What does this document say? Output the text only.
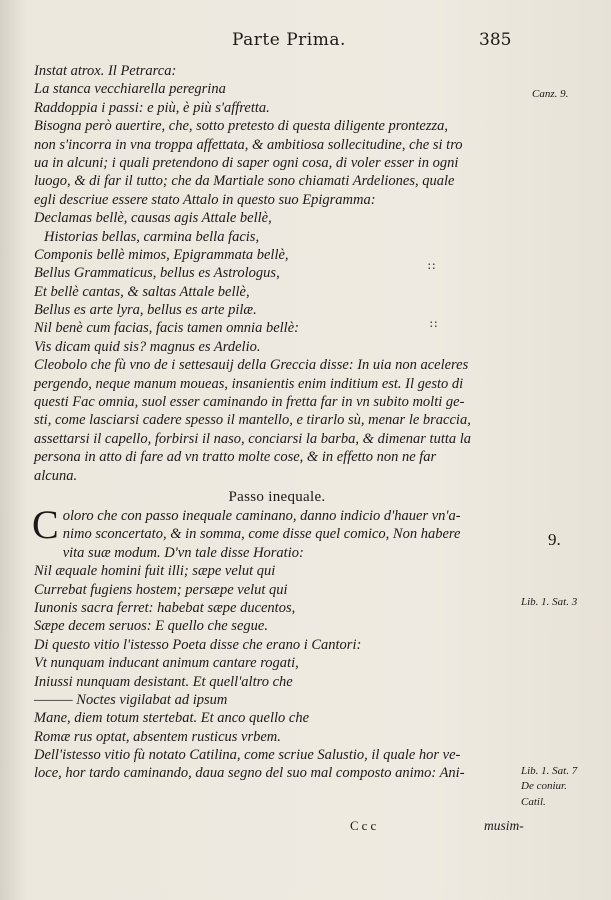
Parte Prima.	385
Instat atrox. Il Petrarca:
La stanca vecchiarella peregrina
Raddoppia i passi: e più, è più s'affretta.
Bisogna però auertire, che, sotto pretesto di questa diligente prontezza,
non s'incorra in vna troppa affettata, & ambitiosa sollecitudine, che si tro
ua in alcuni; i quali pretendono di saper ogni cosa, di voler esser in ogni
luogo, & di far il tutto; che da Martiale sono chiamati Ardeliones, quale
egli descriue essere stato Attalo in questo suo Epigramma:
Declamas bellè, causas agis Attale bellè,
Historias bellas, carmina bella facis,
Componis bellè mimos, Epigrammata bellè,
Bellus Grammaticus, bellus es Astrologus,
Et bellè cantas, & saltas Attale bellè,
Bellus es arte lyra, bellus es arte pilæ.
Nil benè cum facias, facis tamen omnia bellè:
Vis dicam quid sis? magnus es Ardelio.
Cleobolo che fù vno de i settesauij della Greccia disse: In uia non aceleres
pergendo, neque manum moueas, insanientis enim inditium est. Il gesto di
questi Fac omnia, suol esser caminando in fretta far in vn subito molti ge-
sti, come lasciarsi cadere spesso il mantello, e tirarlo sù, menar le braccia,
assettarsi il capello, forbirsi il naso, conciarsi la barba, & dimenar tutta la
persona in atto di fare ad vn tratto molte cose, & in effetto non ne far
alcuna.
Passo inequale.
C oloro che con passo inequale caminano, danno indicio d'hauer vn'a-
nimo sconcertato, & in somma, come disse quel comico, Non habere
vita suæ modum. D'vn tale disse Horatio:
Nil æquale homini fuit illi; sæpe velut qui
Currebat fugiens hostem; persæpe velut qui
Iunonis sacra ferret: habebat sæpe ducentos,
Sæpe decem seruos: E quello che segue.
Di questo vitio l'istesso Poeta disse che erano i Cantori:
Vt nunquam inducant animum cantare rogati,
Iniussi nunquam desistant. Et quell'altro che
——— Noctes vigilabat ad ipsum
Mane, diem totum stertebat. Et anco quello che
Romæ rus optat, absentem rusticus vrbem.
Dell'istesso vitio fù notato Catilina, come scriue Salustio, il quale hor ve-
loce, hor tardo caminando, daua segno del suo mal composto animo: Ani-
Canz. 9.
9.
Lib. 1. Sat. 3
Lib. 1. Sat. 7
De coniur.
Catil.
∷
∷
Ccc	musim-
